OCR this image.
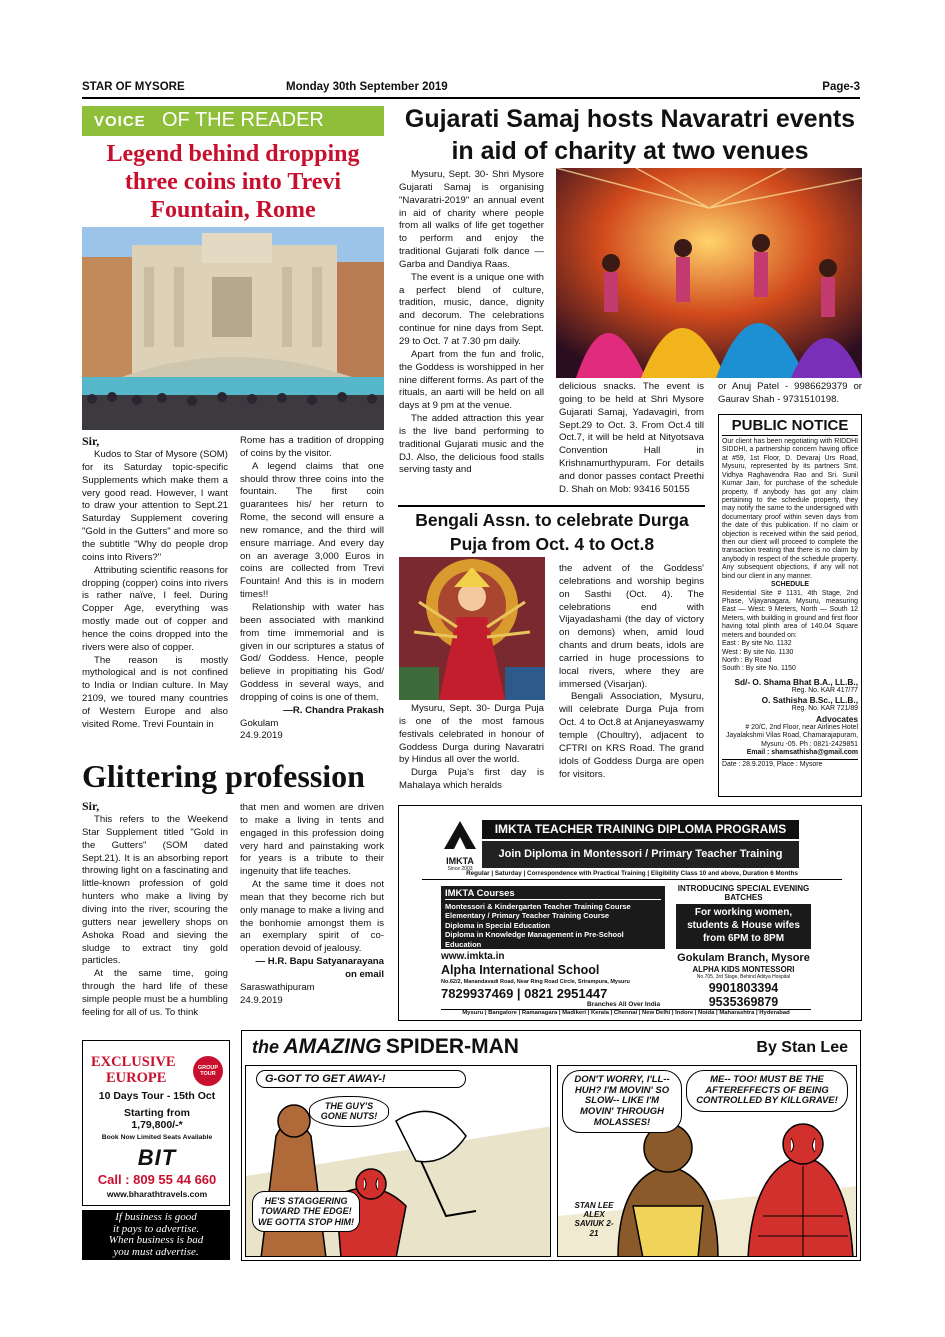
STAR OF MYSORE	Monday 30th September 2019	Page-3
VOICE OF THE READER
Legend behind dropping three coins into Trevi Fountain, Rome
Sir,

Kudos to Star of Mysore (SOM) for its Saturday topic-specific Supplements which make them a very good read. However, I want to draw your attention to Sept.21 Saturday Supplement covering "Gold in the Gutters" and more so the subtitle "Why do people drop coins into Rivers?"

Attributing scientific reasons for dropping (copper) coins into rivers is rather naïve, I feel. During Copper Age, everything was mostly made out of copper and hence the coins dropped into the rivers were also of copper.

The reason is mostly mythological and is not confined to India or Indian culture. In May 2109, we toured many countries of Western Europe and also visited Rome. Trevi Fountain in

Rome has a tradition of dropping of coins by the visitor.

A legend claims that one should throw three coins into the fountain. The first coin guarantees his/ her return to Rome, the second will ensure a new romance, and the third will ensure marriage. And every day on an average 3,000 Euros in coins are collected from Trevi Fountain! And this is in modern times!!

Relationship with water has been associated with mankind from time immemorial and is given in our scriptures a status of God/ Goddess. Hence, people believe in propitiating his God/ Goddess in several ways, and dropping of coins is one of them.

—R. Chandra Prakash
Gokulam
24.9.2019
Glittering profession
Sir,

This refers to the Weekend Star Supplement titled "Gold in the Gutters" (SOM dated Sept.21). It is an absorbing report throwing light on a fascinating and little-known profession of gold hunters who make a living by diving into the river, scouring the gutters near jewellery shops on Ashoka Road and sieving the sludge to extract tiny gold particles.

At the same time, going through the hard life of these simple people must be a humbling feeling for all of us. To think

that men and women are driven to make a living in tents and engaged in this profession doing very hard and painstaking work for years is a tribute to their ingenuity that life teaches.

At the same time it does not mean that they become rich but only manage to make a living and the bonhomie amongst them is an exemplary spirit of co-operation devoid of jealousy.

— H.R. Bapu Satyanarayana
on email
Saraswathipuram
24.9.2019
Gujarati Samaj hosts Navaratri events in aid of charity at two venues

Mysuru, Sept. 30- Shri Mysore Gujarati Samaj is organising "Navaratri-2019" an annual event in aid of charity where people from all walks of life get together to perform and enjoy the traditional Gujarati folk dance — Garba and Dandiya Raas.

The event is a unique one with a perfect blend of culture, tradition, music, dance, dignity and decorum. The celebrations continue for nine days from Sept. 29 to Oct. 7 at 7.30 pm daily.

Apart from the fun and frolic, the Goddess is worshipped in her nine different forms. As part of the rituals, an aarti will be held on all days at 9 pm at the venue.

The added attraction this year is the live band performing to traditional Gujarati music and the DJ. Also, the delicious food stalls serving tasty and

delicious snacks. The event is going to be held at Shri Mysore Gujarati Samaj, Yadavagiri, from Sept.29 to Oct. 3. From Oct.4 till Oct.7, it will be held at Nityotsava Convention Hall in Krishnamurthypuram. For details and donor passes contact Preethi D. Shah on Mob: 93416 50155

or Anuj Patel - 9986629379 or Gaurav Shah - 9731510198.

Bengali Assn. to celebrate Durga Puja from Oct. 4 to Oct.8

Mysuru, Sept. 30- Durga Puja is one of the most famous festivals celebrated in honour of Goddess Durga during Navaratri by Hindus all over the world.

Durga Puja's first day is Mahalaya which heralds

the advent of the Goddess' celebrations and worship begins on Sasthi (Oct. 4). The celebrations end with Vijayadashami (the day of victory on demons) when, amid loud chants and drum beats, idols are carried in huge processions to local rivers, where they are immersed (Visarjan).

Bengali Association, Mysuru, will celebrate Durga Puja from Oct. 4 to Oct.8 at Anjaneyaswamy temple (Choultry), adjacent to CFTRI on KRS Road. The grand idols of Goddess Durga are open for visitors.

PUBLIC NOTICE
Our client has been negotiating with RIDDHI SIDDHI, a partnership concern having office at #59, 1st Floor, D. Devaraj Urs Road, Mysuru, represented by its partners Smt. Vidhya Raghavendra Rao and Sri. Sunil Kumar Jain, for purchase of the schedule property. If anybody has got any claim pertaining to the schedule property, they may notify the same to the undersigned with documentary proof within seven days from the date of this publication. If no claim or objection is received within the said period, then our client will proceed to complete the transaction treating that there is no claim by anybody in respect of the schedule property. Any subsequent objections, if any will not bind our client in any manner.
SCHEDULE
Residential Site # 1131, 4th Stage, 2nd Phase, Vijayanagara, Mysuru, measuring East — West: 9 Meters, North — South 12 Meters, with building in ground and first floor having total plinth area of 140.04 Square meters and bounded on:
East : By site No. 1132
West : By site No. 1130
North : By Road
South : By site No. 1150
Sd/- O. Shama Bhat B.A., LL.B.,
Reg. No. KAR 417/77
O. Sathisha B.Sc., LL.B.,
Reg. No. KAR 721/89
Advocates
# 20/C, 2nd Floor, near Airlines Hotel Jayalakshmi Vilas Road, Chamarajapuram, Mysuru -05. Ph : 0821-2429851
Email : shamsathisha@gmail.com
Date : 28.9.2019, Place : Mysore
IMKTA
Since 2003
IMKTA TEACHER TRAINING DIPLOMA PROGRAMS
Join Diploma in Montessori / Primary Teacher Training
Regular | Saturday | Correspondence with Practical Training | Eligibility Class 10 and above, Duration 6 Months
IMKTA Courses
Montessori & Kindergarten Teacher Training Course
Elementary / Primary Teacher Training Course
Diploma in Special Education
Diploma in Knowledge Management in Pre-School Education
INTRODUCING SPECIAL EVENING BATCHES
For working women, students & House wifes from 6PM to 8PM
www.imkta.in
Alpha International School
No.62/2, Manandavadi Road, Near Ring Road Circle, Srirampura, Mysuru
7829937469 | 0821 2951447
Branches All Over India
Gokulam Branch, Mysore
ALPHA KIDS MONTESSORI
No.705, 3rd Stage, Behind Aditya Hospital
9901803394
9535369879
Mysuru | Bangalore | Ramanagara | Madikeri | Kerala | Chennai | New Delhi | Indore | Noida | Maharashtra | Hyderabad
EXCLUSIVE
EUROPE
GROUP TOUR
10 Days Tour - 15th Oct
Starting from
1,79,800/-*
Book Now Limited Seats Available
BIT
Call : 809 55 44 660
www.bharathtravels.com
If business is good
it pays to advertise.
When business is bad
you must advertise.
the AMAZING SPIDER-MAN	By Stan Lee
G-GOT TO GET AWAY-!
THE GUY'S GONE NUTS!
HE'S STAGGERING TOWARD THE EDGE! WE GOTTA STOP HIM!
DON'T WORRY, I'LL-- HUH? I'M MOVIN' SO SLOW-- LIKE I'M MOVIN' THROUGH MOLASSES!
ME-- TOO! MUST BE THE AFTEREFFECTS OF BEING CONTROLLED BY KILLGRAVE!
STAN LEE ALEX SAVIUK 2-21
